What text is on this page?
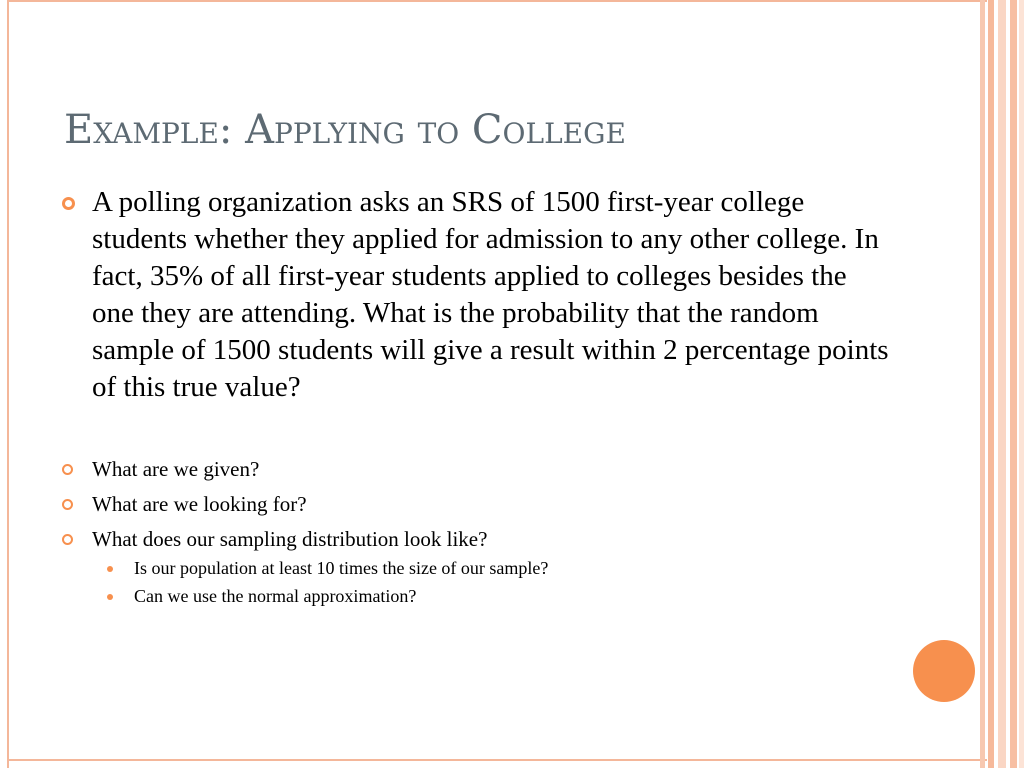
Example: Applying to College
A polling organization asks an SRS of 1500 first-year college students whether they applied for admission to any other college. In fact, 35% of all first-year students applied to colleges besides the one they are attending. What is the probability that the random sample of 1500 students will give a result within 2 percentage points of this true value?
What are we given?
What are we looking for?
What does our sampling distribution look like?
Is our population at least 10 times the size of our sample?
Can we use the normal approximation?
